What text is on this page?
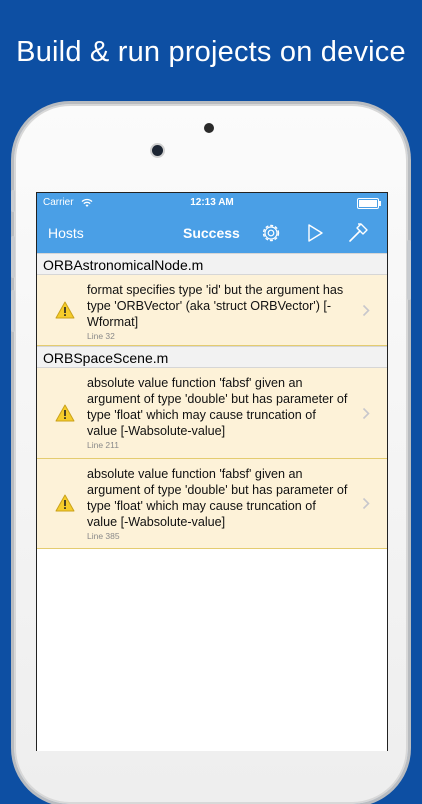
Build & run projects on device
Carrier	12:13 AM
Hosts	Success
ORBAstronomicalNode.m
format specifies type 'id' but the argument has type 'ORBVector' (aka 'struct ORBVector') [-Wformat]
Line 32
ORBSpaceScene.m
absolute value function 'fabsf' given an argument of type 'double' but has parameter of type 'float' which may cause truncation of value [-Wabsolute-value]
Line 211
absolute value function 'fabsf' given an argument of type 'double' but has parameter of type 'float' which may cause truncation of value [-Wabsolute-value]
Line 385
